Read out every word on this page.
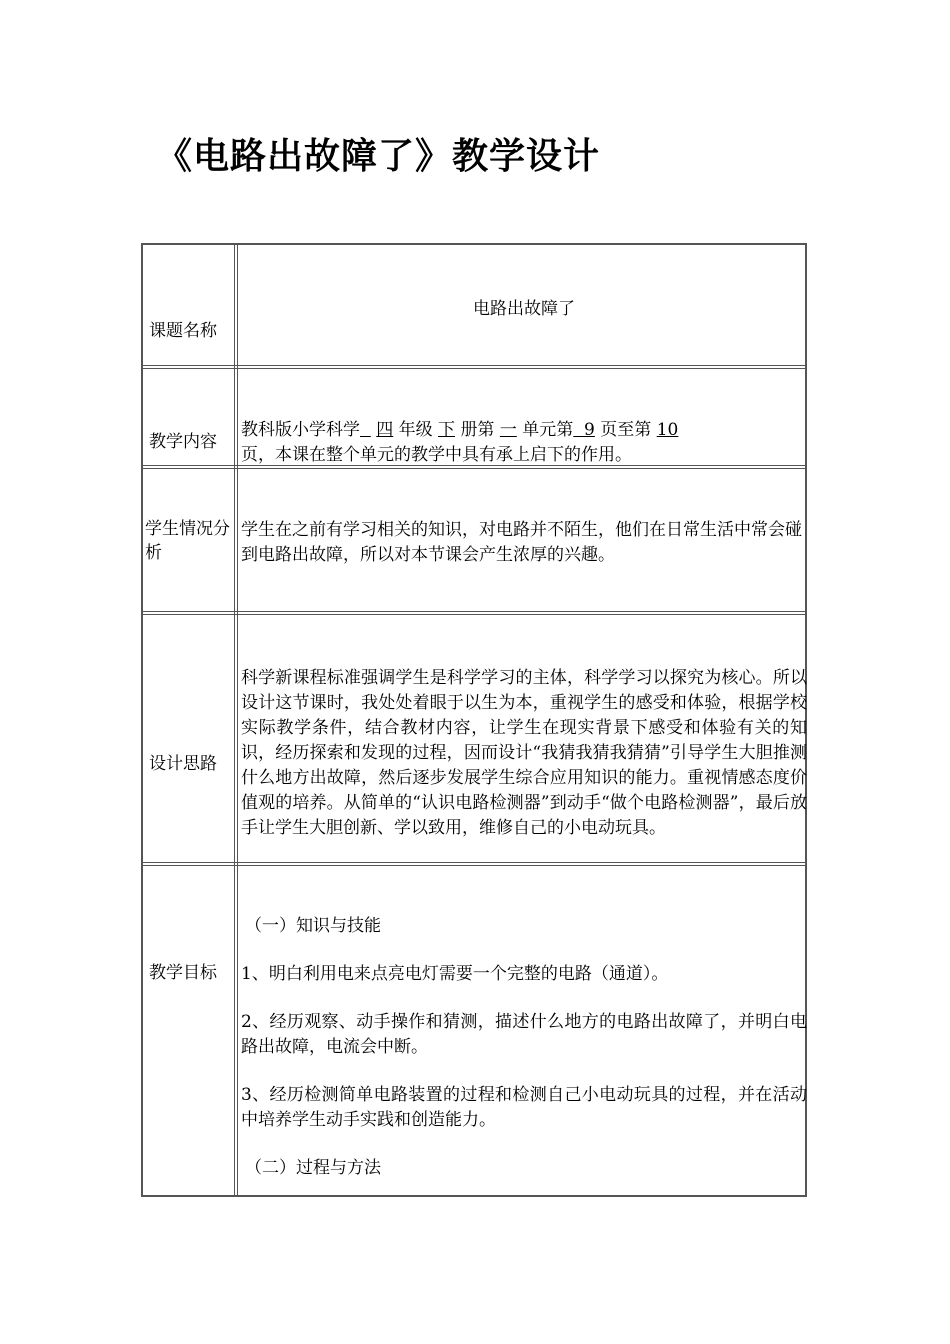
《电路出故障了》教学设计
课题名称
电路出故障了
教学内容
教科版小学科学 四 年级 下 册第 一 单元第  9 页至第 10
页，本课在整个单元的教学中具有承上启下的作用。
学生情况分析
学生在之前有学习相关的知识，对电路并不陌生，他们在日常生活中常会碰到电路出故障，所以对本节课会产生浓厚的兴趣。
设计思路
科学新课程标准强调学生是科学学习的主体，科学学习以探究为核心。所以设计这节课时，我处处着眼于以生为本，重视学生的感受和体验，根据学校实际教学条件，结合教材内容，让学生在现实背景下感受和体验有关的知识，经历探索和发现的过程，因而设计“我猜我猜我猜猜”引导学生大胆推测什么地方出故障，然后逐步发展学生综合应用知识的能力。重视情感态度价值观的培养。从简单的“认识电路检测器”到动手“做个电路检测器”，最后放手让学生大胆创新、学以致用，维修自己的小电动玩具。
教学目标

（一）知识与技能

1、明白利用电来点亮电灯需要一个完整的电路（通道）。

2、经历观察、动手操作和猜测，描述什么地方的电路出故障了，并明白电路出故障，电流会中断。

3、经历检测简单电路装置的过程和检测自己小电动玩具的过程，并在活动中培养学生动手实践和创造能力。

（二）过程与方法
